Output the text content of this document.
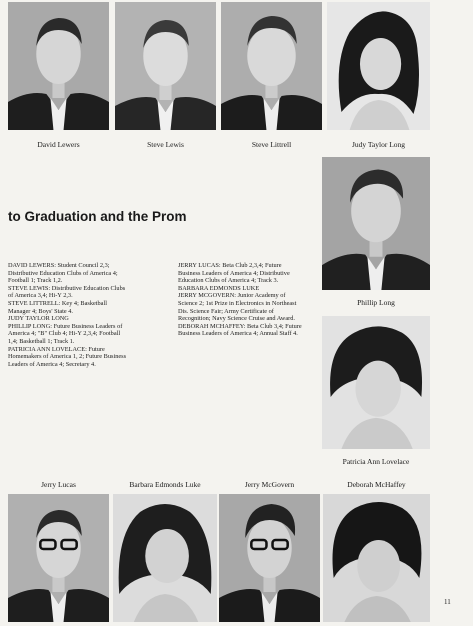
David Lewers	Steve Lewis	Steve Littrell	Judy Taylor Long
Phillip Long
Patricia Ann Lovelace
to Graduation and the Prom

DAVID LEWERS: Student Council 2,3; Distributive Education Clubs of America 4; Football 1; Track 1,2.

STEVE LEWIS: Distributive Education Clubs of America 3,4; Hi-Y 2,3.

STEVE LITTRELL: Key 4; Basketball Manager 4; Boys' State 4.

JUDY TAYLOR LONG

PHILLIP LONG: Future Business Leaders of America 4; "B" Club 4; Hi-Y 2,3,4; Football 1,4; Basketball 1; Track 1.

PATRICIA ANN LOVELACE: Future Homemakers of America 1, 2; Future Business Leaders of America 4; Secretary 4.

JERRY LUCAS: Beta Club 2,3,4; Future Business Leaders of America 4; Distributive Education Clubs of America 4; Track 3.

BARBARA EDMONDS LUKE

JERRY MCGOVERN: Junior Academy of Science 2; 1st Prize in Electronics in Northeast Dis. Science Fair; Army Certificate of Recognition; Navy Science Cruise and Award.

DEBORAH MCHAFFEY: Beta Club 3,4; Future Business Leaders of America 4; Annual Staff 4.

Jerry Lucas	Barbara Edmonds Luke	Jerry McGovern	Deborah McHaffey
11
